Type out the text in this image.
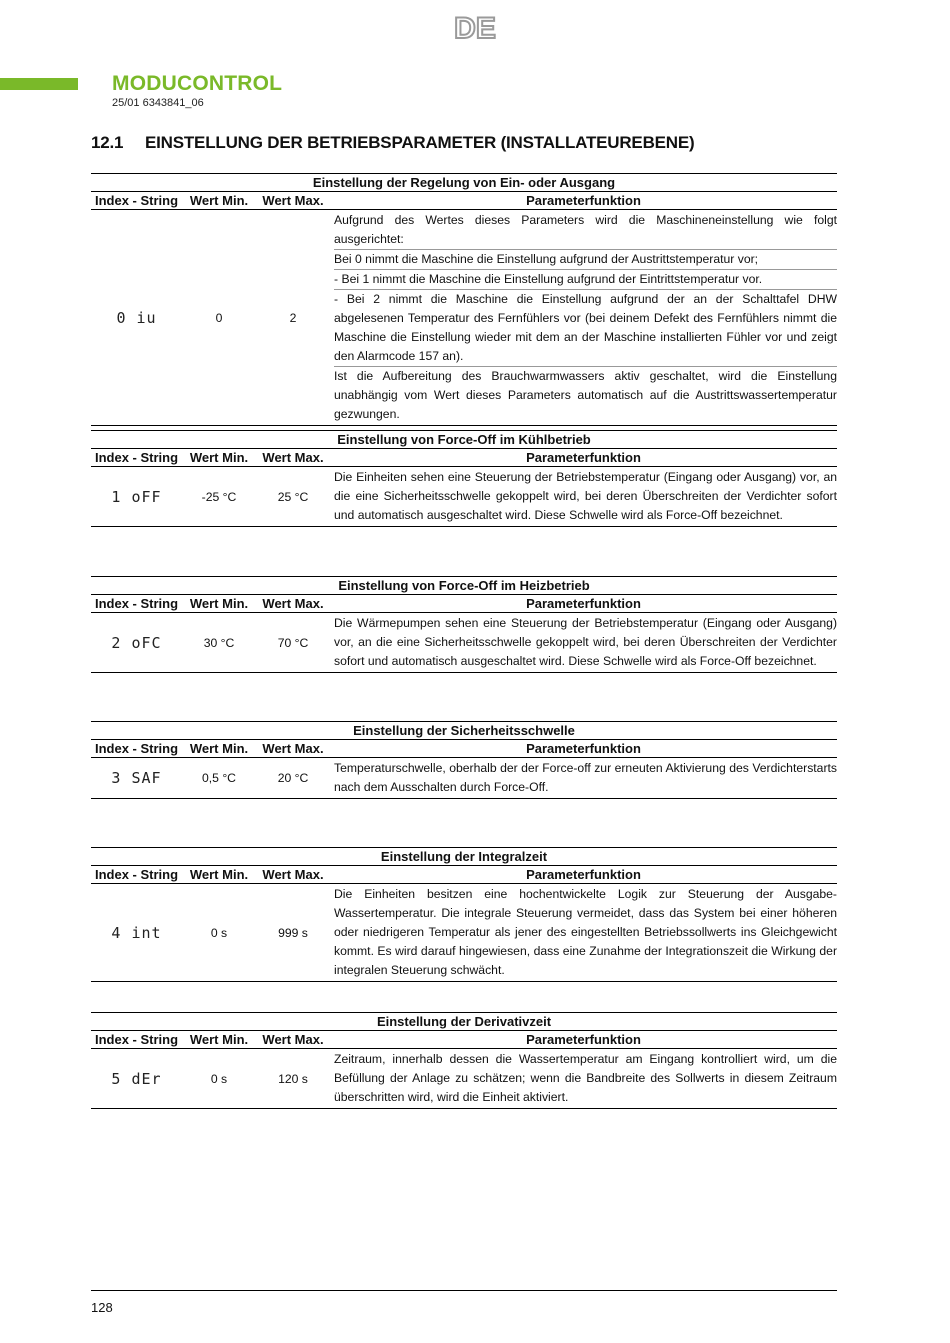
DE
MODUCONTROL
25/01 6343841_06
12.1 EINSTELLUNG DER BETRIEBSPARAMETER (INSTALLATEUREBENE)
Einstellung der Regelung von Ein- oder Ausgang
Index - String Wert Min.	Wert Max.	Parameterfunktion
0 iu	0	2
Aufgrund des Wertes dieses Parameters wird die Maschineneinstellung wie folgt ausgerichtet:
Bei 0 nimmt die Maschine die Einstellung aufgrund der Austrittstemperatur vor;
- Bei 1 nimmt die Maschine die Einstellung aufgrund der Eintrittstemperatur vor.
- Bei 2 nimmt die Maschine die Einstellung aufgrund der an der Schalttafel DHW abgelesenen Temperatur des Fernfühlers vor (bei deinem Defekt des Fernfühlers nimmt die Maschine die Einstellung wieder mit dem an der Maschine installierten Fühler vor und zeigt den Alarmcode 157 an).
Ist die Aufbereitung des Brauchwarmwassers aktiv geschaltet, wird die Einstellung unabhängig vom Wert dieses Parameters automatisch auf die Austrittswassertemperatur gezwungen.
Einstellung von Force-Off im Kühlbetrieb
Index - String Wert Min.	Wert Max.	Parameterfunktion
1 oFF	-25 °C	25 °C
Die Einheiten sehen eine Steuerung der Betriebstemperatur (Eingang oder Ausgang) vor, an die eine Sicherheitsschwelle gekoppelt wird, bei deren Überschreiten der Verdichter sofort und automatisch ausgeschaltet wird. Diese Schwelle wird als Force-Off bezeichnet.
Einstellung von Force-Off im Heizbetrieb
Index - String Wert Min.	Wert Max.	Parameterfunktion
2 oFC	30 °C	70 °C
Die Wärmepumpen sehen eine Steuerung der Betriebstemperatur (Eingang oder Ausgang) vor, an die eine Sicherheitsschwelle gekoppelt wird, bei deren Überschreiten der Verdichter sofort und automatisch ausgeschaltet wird. Diese Schwelle wird als Force-Off bezeichnet.
Einstellung der Sicherheitsschwelle
Index - String Wert Min.	Wert Max.	Parameterfunktion
3 SAF	0,5 °C	20 °C
Temperaturschwelle, oberhalb der der Force-off zur erneuten Aktivierung des Verdichterstarts nach dem Ausschalten durch Force-Off.
Einstellung der Integralzeit
Index - String Wert Min.	Wert Max.	Parameterfunktion
4 int	0 s	999 s
Die Einheiten besitzen eine hochentwickelte Logik zur Steuerung der Ausgabe-Wassertemperatur. Die integrale Steuerung vermeidet, dass das System bei einer höheren oder niedrigeren Temperatur als jener des eingestellten Betriebssollwerts ins Gleichgewicht kommt. Es wird darauf hingewiesen, dass eine Zunahme der Integrationszeit die Wirkung der integralen Steuerung schwächt.
Einstellung der Derivativzeit
Index - String Wert Min.	Wert Max.	Parameterfunktion
5 dEr	0 s	120 s
Zeitraum, innerhalb dessen die Wassertemperatur am Eingang kontrolliert wird, um die Befüllung der Anlage zu schätzen; wenn die Bandbreite des Sollwerts in diesem Zeitraum überschritten wird, wird die Einheit aktiviert.
128
